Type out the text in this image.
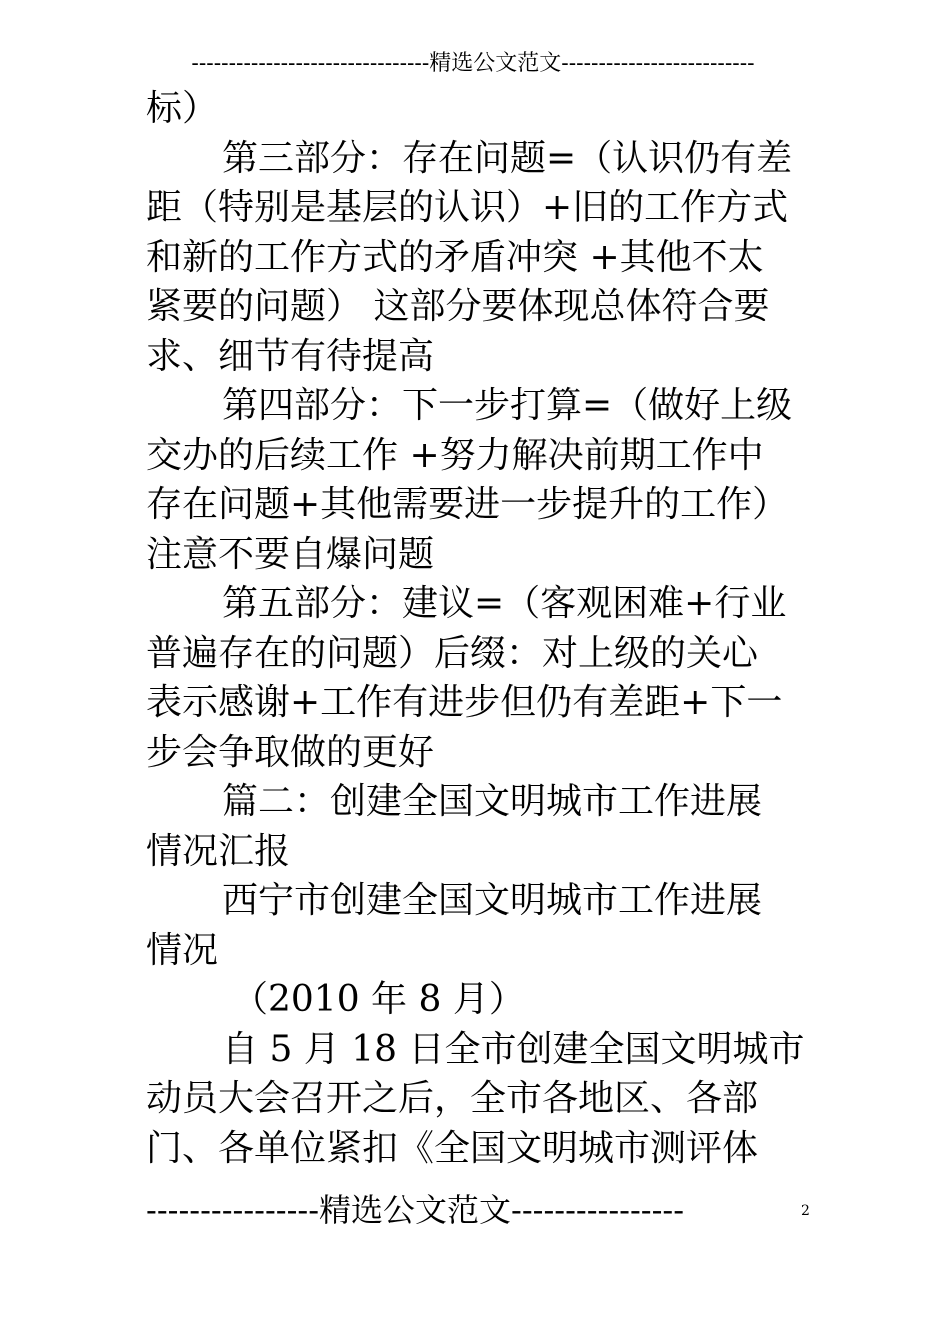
--------------------------------精选公文范文--------------------------
标）
第三部分：存在问题=（认识仍有差
距（特别是基层的认识）+旧的工作方式
和新的工作方式的矛盾冲突 +其他不太
紧要的问题） 这部分要体现总体符合要
求、细节有待提高
第四部分：下一步打算=（做好上级
交办的后续工作 +努力解决前期工作中
存在问题+其他需要进一步提升的工作）
注意不要自爆问题
第五部分：建议=（客观困难+行业
普遍存在的问题）后缀：对上级的关心
表示感谢+工作有进步但仍有差距+下一
步会争取做的更好
篇二：创建全国文明城市工作进展
情况汇报
西宁市创建全国文明城市工作进展
情况
（2010 年 8 月）
自 5 月 18 日全市创建全国文明城市
动员大会召开之后，全市各地区、各部
门、各单位紧扣《全国文明城市测评体
----------------精选公文范文----------------	2
